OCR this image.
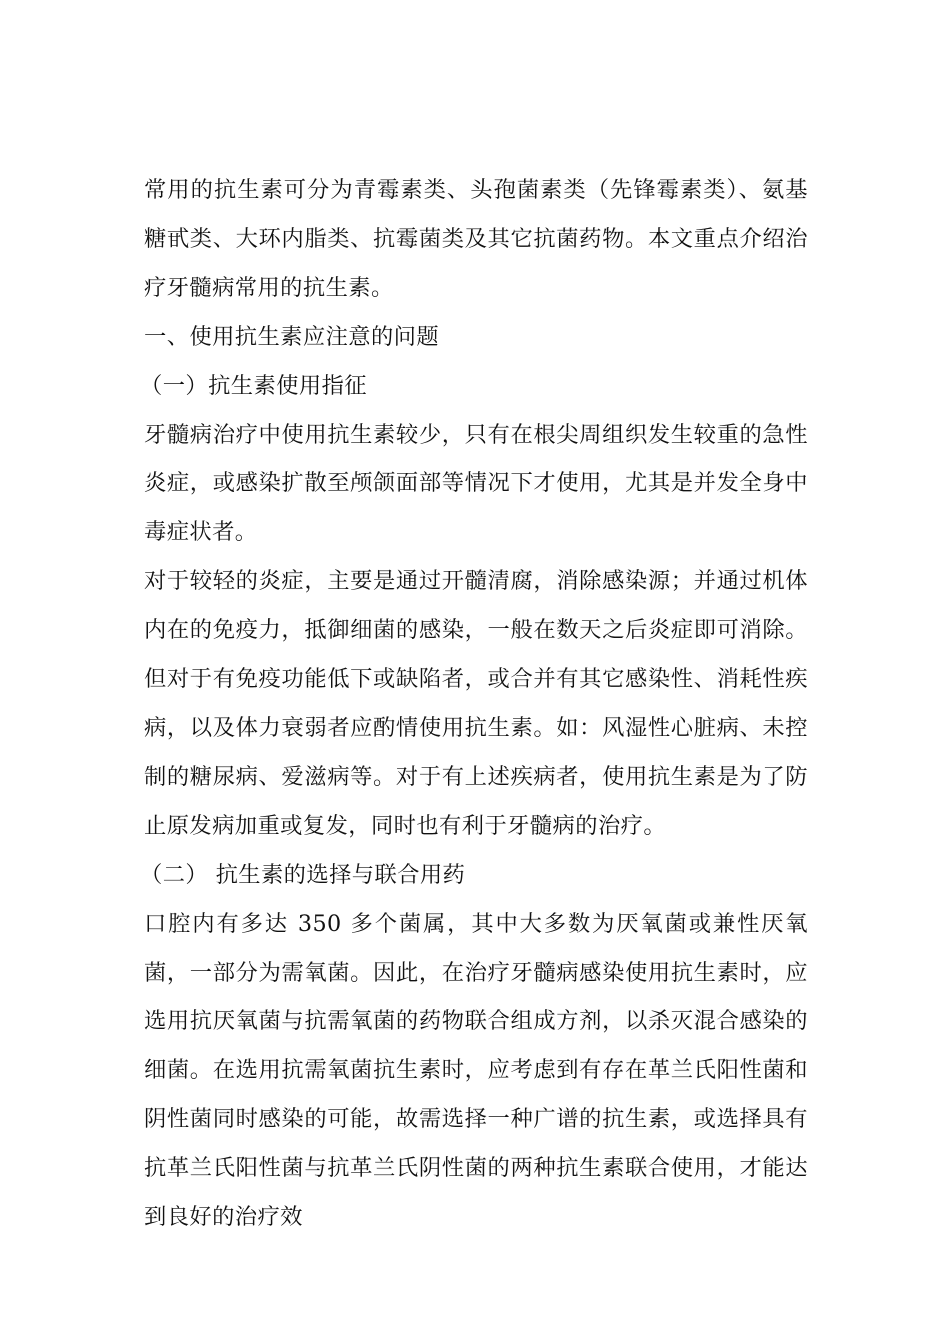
常用的抗生素可分为青霉素类、头孢菌素类（先锋霉素类）、氨基糖甙类、大环内脂类、抗霉菌类及其它抗菌药物。本文重点介绍治疗牙髓病常用的抗生素。

一、使用抗生素应注意的问题

（一）抗生素使用指征

牙髓病治疗中使用抗生素较少，只有在根尖周组织发生较重的急性炎症，或感染扩散至颅颌面部等情况下才使用，尤其是并发全身中毒症状者。

对于较轻的炎症，主要是通过开髓清腐，消除感染源；并通过机体内在的免疫力，抵御细菌的感染，一般在数天之后炎症即可消除。但对于有免疫功能低下或缺陷者，或合并有其它感染性、消耗性疾病，以及体力衰弱者应酌情使用抗生素。如：风湿性心脏病、未控制的糖尿病、爱滋病等。对于有上述疾病者，使用抗生素是为了防止原发病加重或复发，同时也有利于牙髓病的治疗。

（二） 抗生素的选择与联合用药

口腔内有多达 350 多个菌属，其中大多数为厌氧菌或兼性厌氧菌，一部分为需氧菌。因此，在治疗牙髓病感染使用抗生素时，应选用抗厌氧菌与抗需氧菌的药物联合组成方剂，以杀灭混合感染的细菌。在选用抗需氧菌抗生素时，应考虑到有存在革兰氏阳性菌和阴性菌同时感染的可能，故需选择一种广谱的抗生素，或选择具有抗革兰氏阳性菌与抗革兰氏阴性菌的两种抗生素联合使用，才能达到良好的治疗效
